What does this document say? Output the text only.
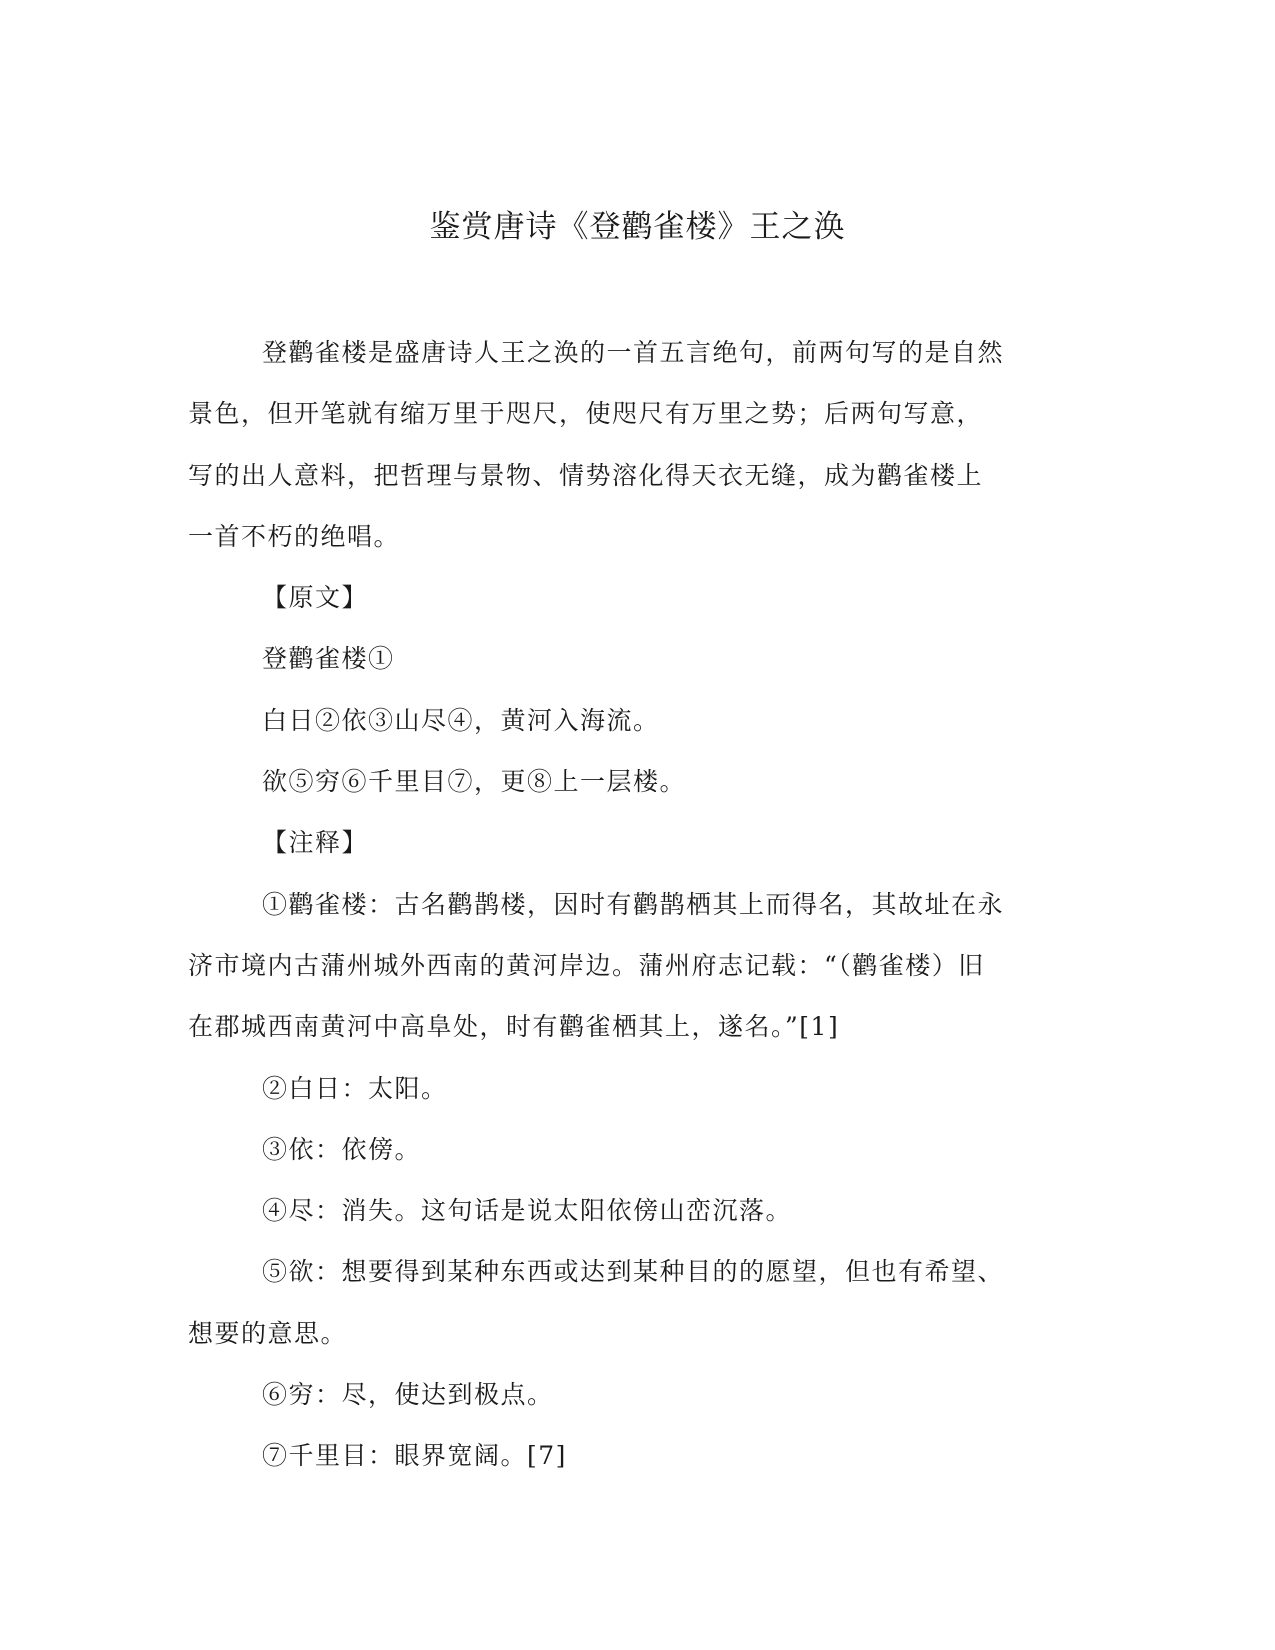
鉴赏唐诗《登鹳雀楼》王之涣

登鹳雀楼是盛唐诗人王之涣的一首五言绝句，前两句写的是自然
景色，但开笔就有缩万里于咫尺，使咫尺有万里之势；后两句写意，
写的出人意料，把哲理与景物、情势溶化得天衣无缝，成为鹳雀楼上
一首不朽的绝唱。

【原文】

登鹳雀楼①

白日②依③山尽④，黄河入海流。

欲⑤穷⑥千里目⑦，更⑧上一层楼。

【注释】

①鹳雀楼：古名鹳鹊楼，因时有鹳鹊栖其上而得名，其故址在永
济市境内古蒲州城外西南的黄河岸边。蒲州府志记载：“（鹳雀楼）旧
在郡城西南黄河中高阜处，时有鹳雀栖其上，遂名。”[1]

②白日：太阳。

③依：依傍。

④尽：消失。这句话是说太阳依傍山峦沉落。

⑤欲：想要得到某种东西或达到某种目的的愿望，但也有希望、
想要的意思。

⑥穷：尽，使达到极点。

⑦千里目：眼界宽阔。[7]
